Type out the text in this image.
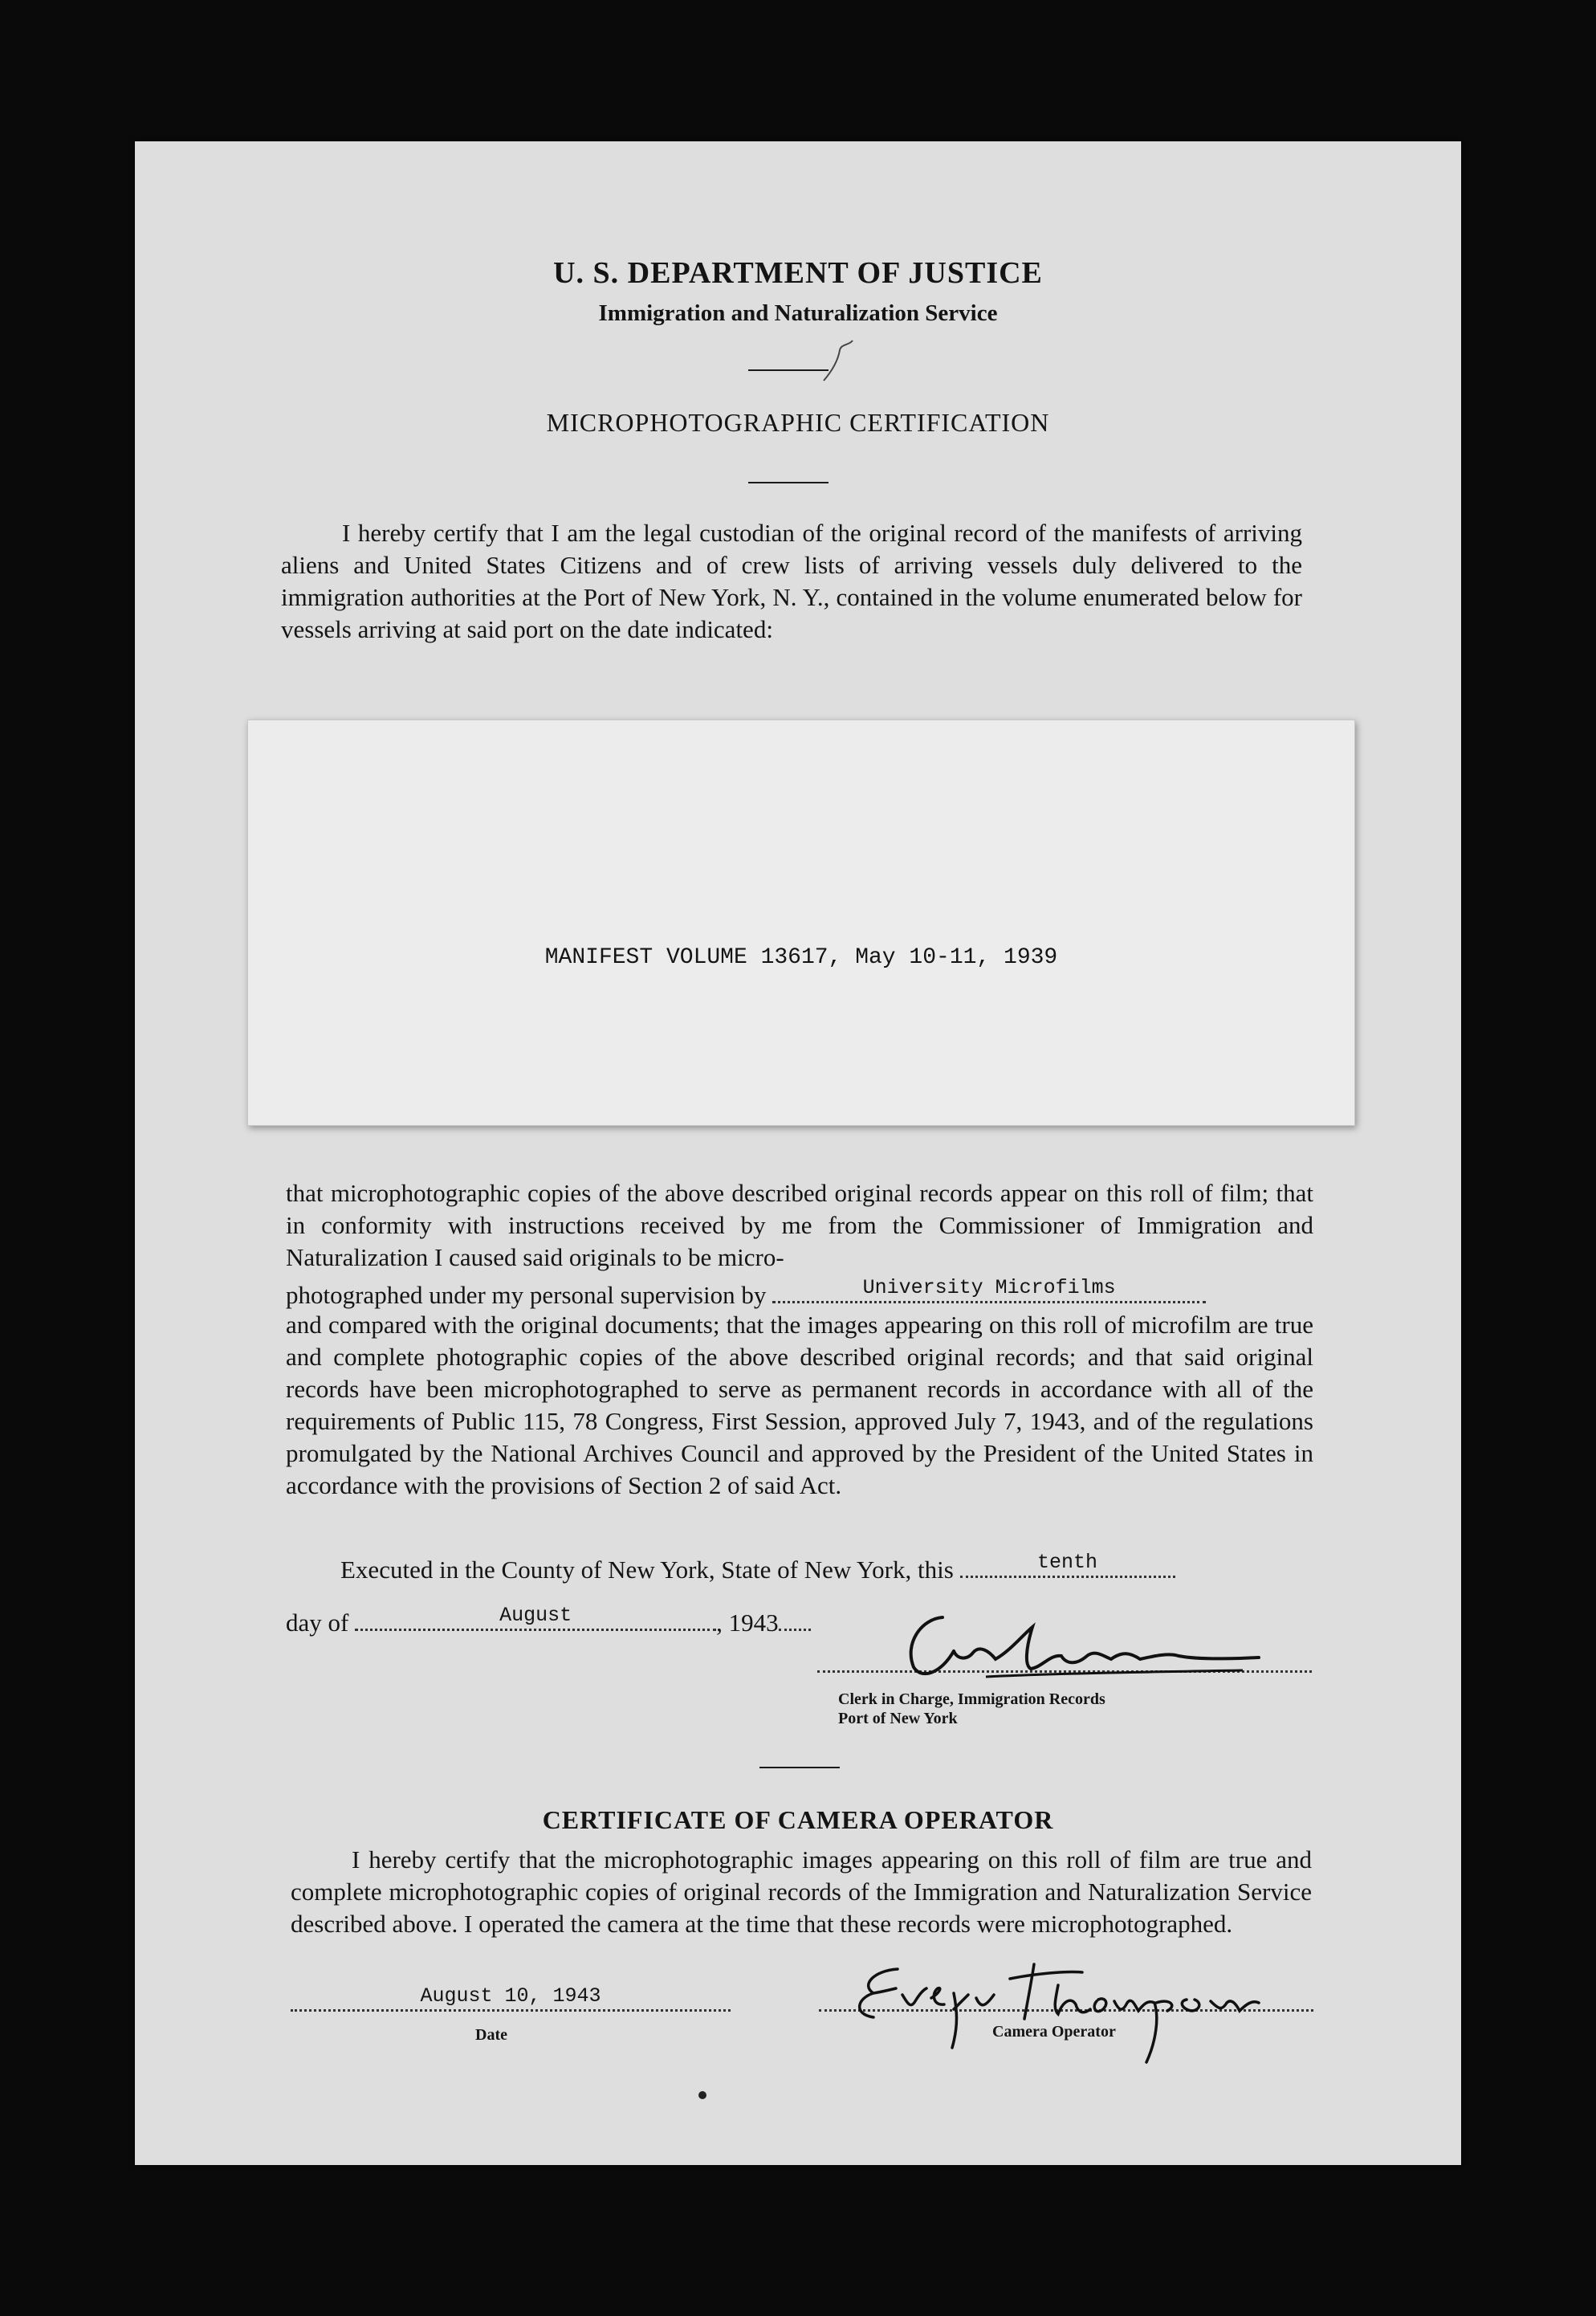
U. S. DEPARTMENT OF JUSTICE
Immigration and Naturalization Service
MICROPHOTOGRAPHIC CERTIFICATION
I hereby certify that I am the legal custodian of the original record of the manifests of arriving aliens and United States Citizens and of crew lists of arriving vessels duly delivered to the immigration authorities at the Port of New York, N. Y., contained in the volume enumerated below for vessels arriving at said port on the date indicated:
MANIFEST VOLUME 13617, May 10-11, 1939
that microphotographic copies of the above described original records appear on this roll of film; that in conformity with instructions received by me from the Commissioner of Immigration and Naturalization I caused said originals to be micro-
photographed under my personal supervision by	University Microfilms
and compared with the original documents; that the images appearing on this roll of microfilm are true and complete photographic copies of the above described original records; and that said original records have been microphotographed to serve as permanent records in accordance with all of the requirements of Public 115, 78 Congress, First Session, approved July 7, 1943, and of the regulations promulgated by the National Archives Council and approved by the President of the United States in accordance with the provisions of Section 2 of said Act.
Executed in the County of New York, State of New York, this	tenth
day of	August	, 1943
Clerk in Charge, Immigration Records
Port of New York
CERTIFICATE OF CAMERA OPERATOR
I hereby certify that the microphotographic images appearing on this roll of film are true and complete microphotographic copies of original records of the Immigration and Naturalization Service described above. I operated the camera at the time that these records were microphotographed.
August 10, 1943
Date	Camera Operator
